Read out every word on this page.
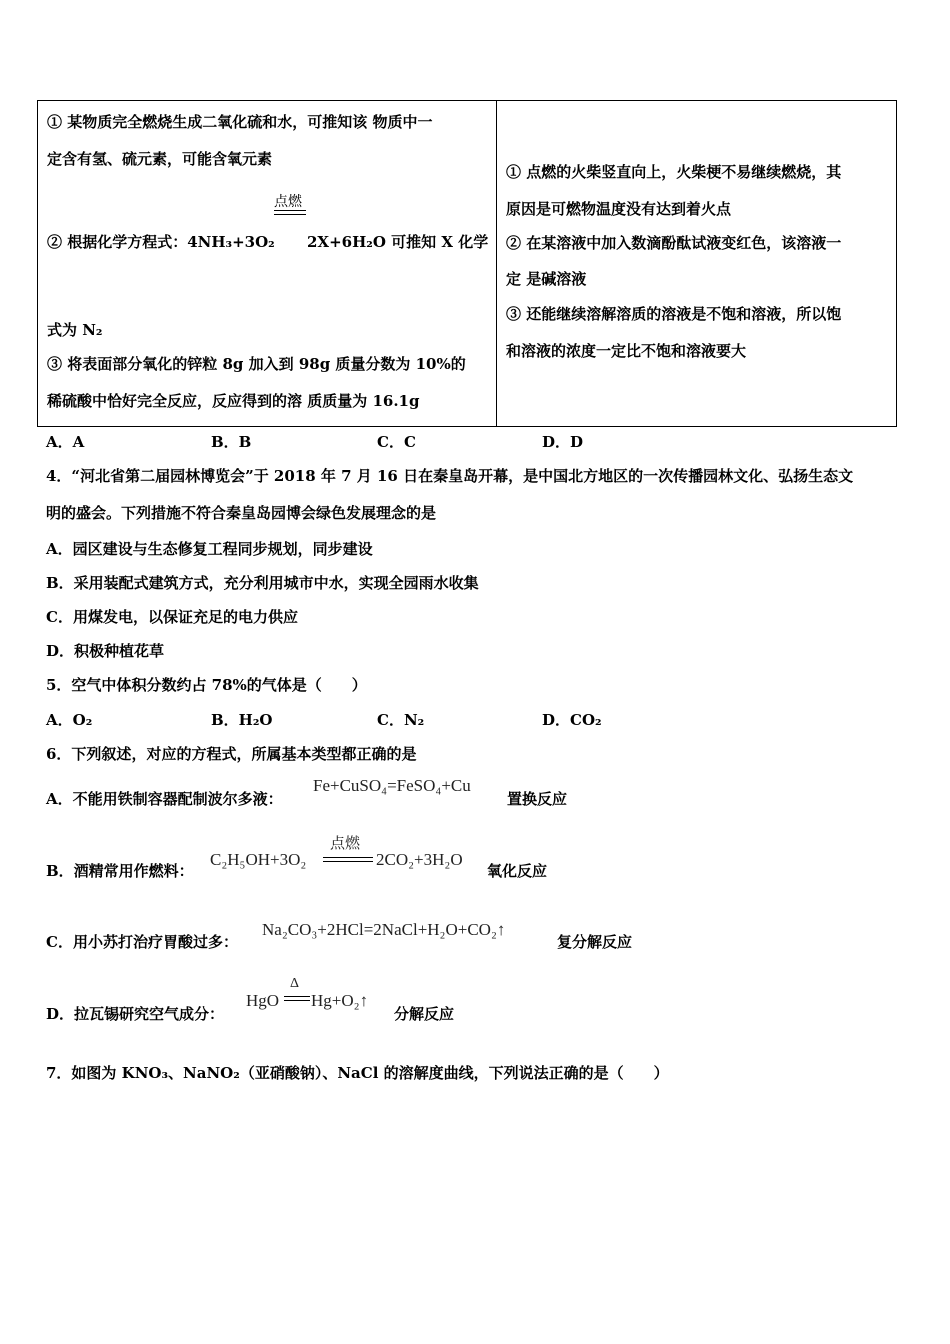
① 某物质完全燃烧生成二氧化硫和水，可推知该 物质中一
定含有氢、硫元素，可能含氧元素
点燃
② 根据化学方程式：4NH₃+3O₂ 2X+6H₂O 可推知 X 化学
式为 N₂
③ 将表面部分氧化的锌粒 8g 加入到 98g 质量分数为 10%的
稀硫酸中恰好完全反应，反应得到的溶 质质量为 16.1g

① 点燃的火柴竖直向上，火柴梗不易继续燃烧，其
原因是可燃物温度没有达到着火点
② 在某溶液中加入数滴酚酞试液变红色，该溶液一
定 是碱溶液
③ 还能继续溶解溶质的溶液是不饱和溶液，所以饱
和溶液的浓度一定比不饱和溶液要大
A．A	B．B	C．C	D．D
4．“河北省第二届园林博览会”于 2018 年 7 月 16 日在秦皇岛开幕，是中国北方地区的一次传播园林文化、弘扬生态文
明的盛会。下列措施不符合秦皇岛园博会绿色发展理念的是
A．园区建设与生态修复工程同步规划，同步建设
B．采用装配式建筑方式，充分利用城市中水，实现全园雨水收集
C．用煤发电，以保证充足的电力供应
D．积极种植花草
5．空气中体积分数约占 78%的气体是（　　）
A．O₂	B．H₂O	C．N₂	D．CO₂
6．下列叙述，对应的方程式，所属基本类型都正确的是
A．不能用铁制容器配制波尔多液：
Fe+CuSO₄=FeSO₄+Cu
置换反应
B．酒精常用作燃料：
C₂H₅OH+3O₂
点燃
2CO₂+3H₂O
氧化反应
C．用小苏打治疗胃酸过多：
Na₂CO₃+2HCl=2NaCl+H₂O+CO₂↑
复分解反应
D．拉瓦锡研究空气成分：
HgO
Δ
Hg+O₂↑
分解反应
7．如图为 KNO₃、NaNO₂（亚硝酸钠）、NaCl 的溶解度曲线，下列说法正确的是（　　）
